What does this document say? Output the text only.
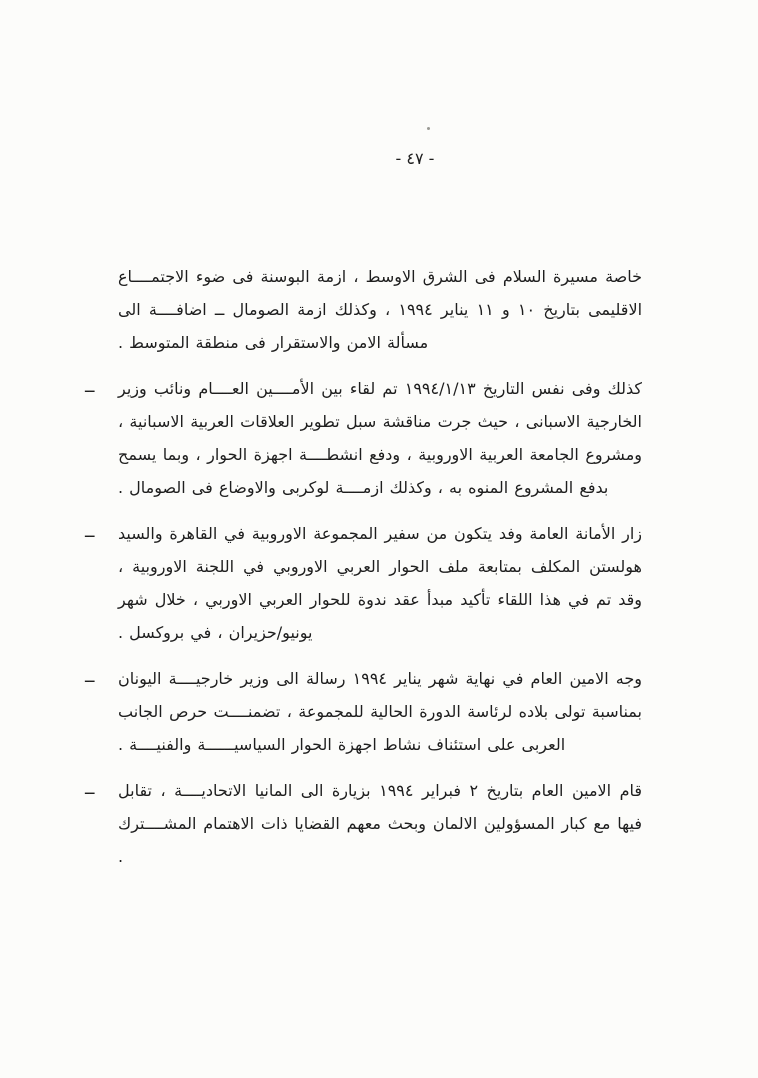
- ٤٧ -
خاصة مسيرة السلام فى الشرق الاوسط ، ازمة البوسنة فى ضوء الاجتمــــاع الاقليمى بتاريخ ١٠ و ١١ يناير ١٩٩٤ ، وكذلك ازمة الصومال ــ اضافــــة الى مسألة الامن والاستقرار فى منطقة المتوسط .
ــ كذلك وفى نفس التاريخ ١٩٩٤/١/١٣ تم لقاء بين الأمــــين العــــام ونائب وزير الخارجية الاسبانى ، حيث جرت مناقشة سبل تطوير العلاقات العربية الاسبانية ، ومشروع الجامعة العربية الاوروبية ، ودفع انشطــــة اجهزة الحوار ، وبما يسمح بدفع المشروع المنوه به ، وكذلك ازمــــة لوكربى والاوضاع فى الصومال .
ــ زار الأمانة العامة وفد يتكون من سفير المجموعة الاوروبية في القاهرة والسيد هولستن المكلف بمتابعة ملف الحوار العربي الاوروبي في اللجنة الاوروبية ، وقد تم في هذا اللقاء تأكيد مبدأ عقد ندوة للحوار العربي الاوربي ، خلال شهر يونيو/حزيران ، في بروكسل .
ــ وجه الامين العام في نهاية شهر يناير ١٩٩٤ رسالة الى وزير خارجيــــة اليونان بمناسبة تولى بلاده لرئاسة الدورة الحالية للمجموعة ، تضمنــــت حرص الجانب العربى على استئناف نشاط اجهزة الحوار السياسيــــــة والفنيــــة .
ــ قام الامين العام بتاريخ ٢ فبراير ١٩٩٤ بزيارة الى المانيا الاتحاديــــة ، تقابل فيها مع كبار المسؤولين الالمان وبحث معهم القضايا ذات الاهتمام المشــــترك .
